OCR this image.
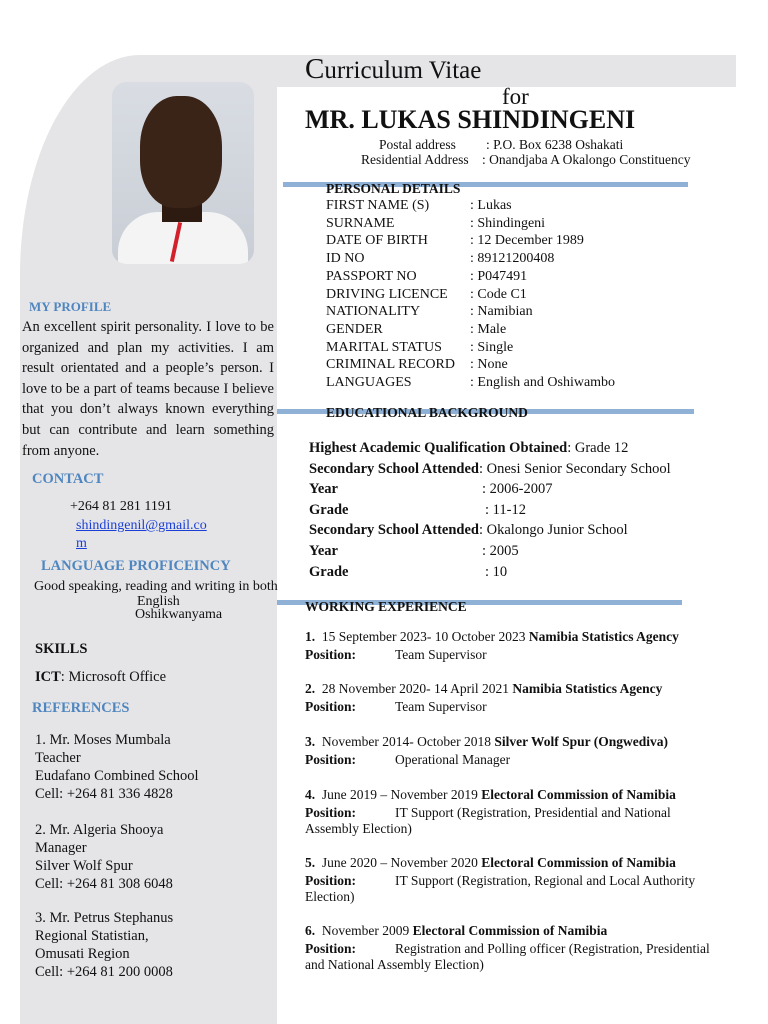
Curriculum Vitae
for
MR. LUKAS SHINDINGENI
Postal address : P.O. Box 6238 Oshakati
Residential Address : Onandjaba A Okalongo Constituency
PERSONAL DETAILS
FIRST NAME (S)	: Lukas
SURNAME	: Shindingeni
DATE OF BIRTH	: 12 December 1989
ID NO	: 89121200408
PASSPORT NO	: P047491
DRIVING LICENCE : Code C1
NATIONALITY	: Namibian
GENDER	: Male
MARITAL STATUS : Single
CRIMINAL RECORD : None
LANGUAGES	: English and Oshiwambo
EDUCATIONAL BACKGROUND
Highest Academic Qualification Obtained: Grade 12
Secondary School Attended: Onesi Senior Secondary School
Year	: 2006-2007
Grade	: 11-12
Secondary School Attended: Okalongo Junior School
Year	: 2005
Grade	: 10
WORKING EXPERIENCE
1. 15 September 2023- 10 October 2023 Namibia Statistics Agency
Position:	Team Supervisor
2. 28 November 2020- 14 April 2021 Namibia Statistics Agency
Position:	Team Supervisor
3. November 2014- October 2018 Silver Wolf Spur (Ongwediva)
Position:	Operational Manager
4. June 2019 – November 2019 Electoral Commission of Namibia
Position:	IT Support (Registration, Presidential and National Assembly Election)
5. June 2020 – November 2020 Electoral Commission of Namibia
Position:	IT Support (Registration, Regional and Local Authority Election)
6. November 2009 Electoral Commission of Namibia
Position:	Registration and Polling officer (Registration, Presidential and National Assembly Election)
MY PROFILE
An excellent spirit personality. I love to be organized and plan my activities. I am result orientated and a people’s person. I love to be a part of teams because I believe that you don’t always known everything but can contribute and learn something from anyone.
CONTACT
+264 81 281 1191
shindingenil@gmail.co
m
LANGUAGE PROFICEINCY
Good speaking, reading and writing in both
English
Oshikwanyama
SKILLS
ICT: Microsoft Office
REFERENCES
1. Mr. Moses Mumbala
Teacher
Eudafano Combined School
Cell: +264 81 336 4828
2. Mr. Algeria Shooya
Manager
Silver Wolf Spur
Cell: +264 81 308 6048
3. Mr. Petrus Stephanus
Regional Statistian,
Omusati Region
Cell: +264 81 200 0008
